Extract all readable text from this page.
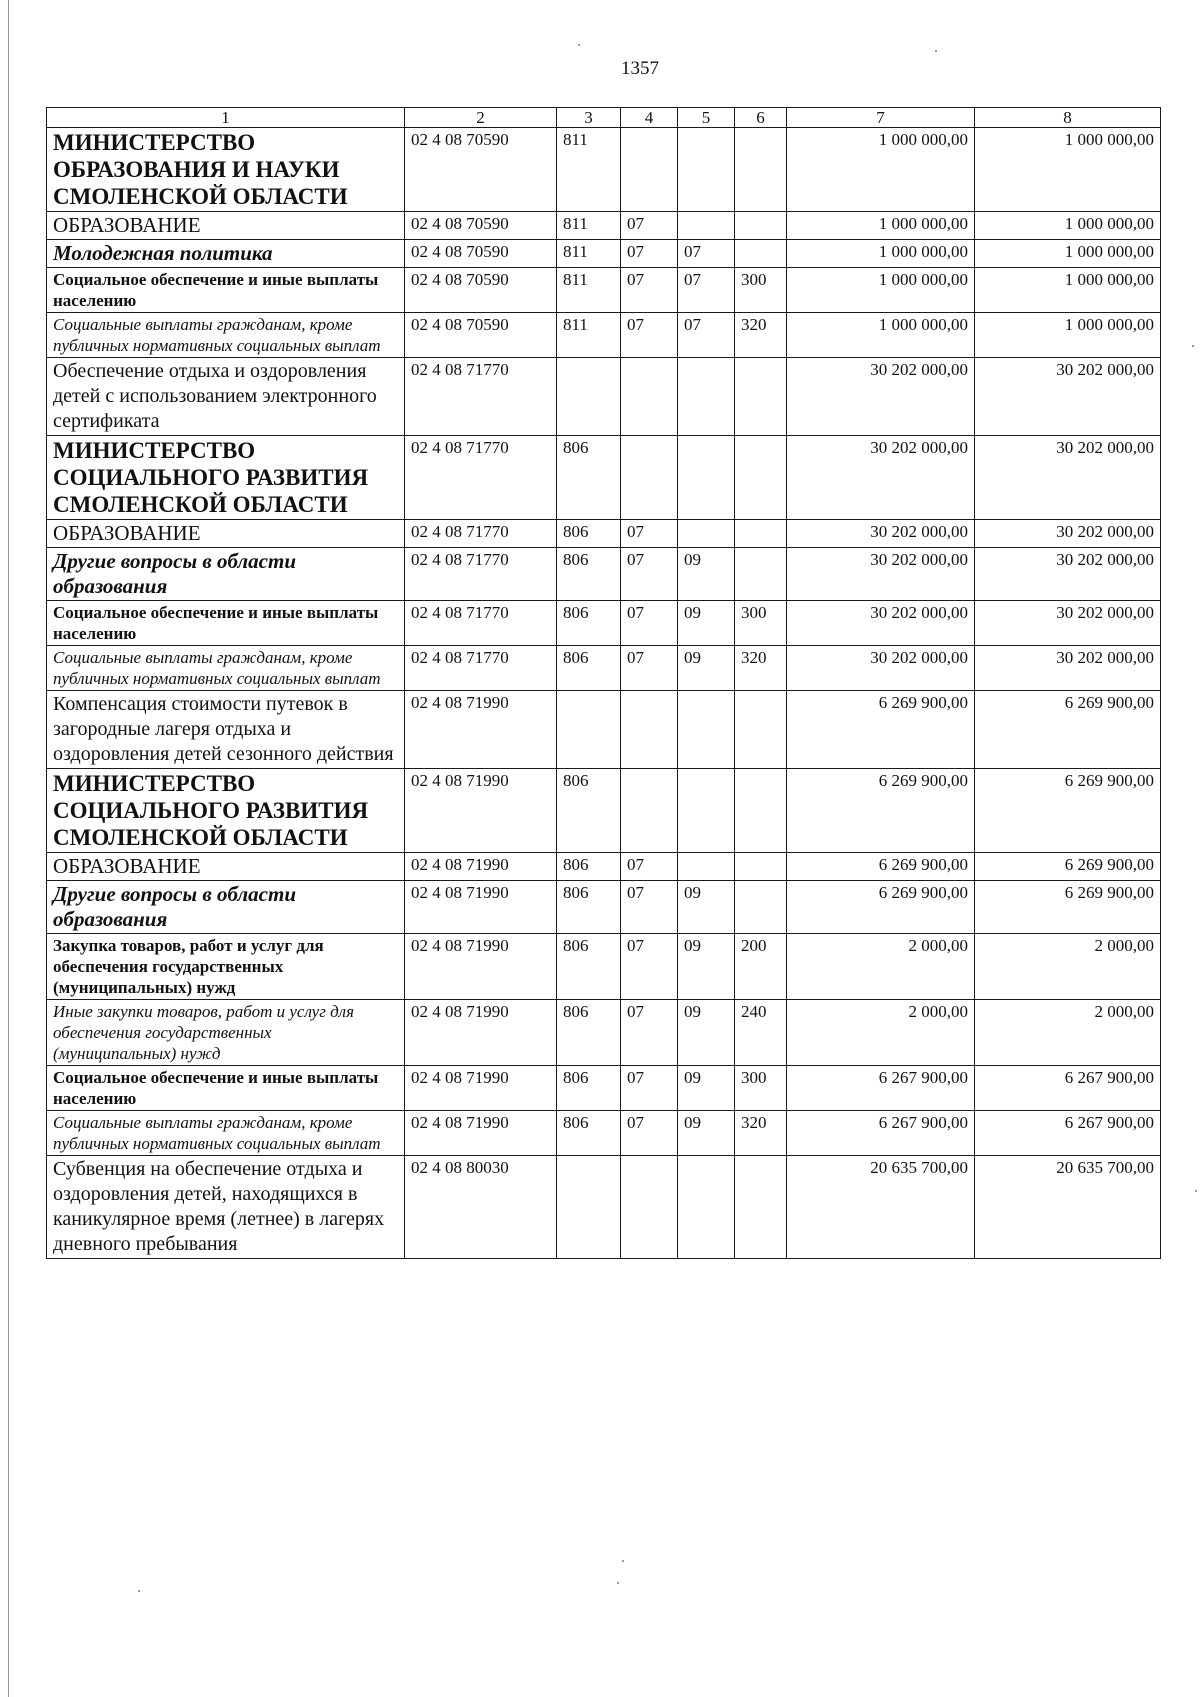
1357
1	2	3	4	5	6	7	8
МИНИСТЕРСТВО ОБРАЗОВАНИЯ И НАУКИ СМОЛЕНСКОЙ ОБЛАСТИ	02 4 08 70590	811				1 000 000,00	1 000 000,00
ОБРАЗОВАНИЕ	02 4 08 70590	811	07			1 000 000,00	1 000 000,00
Молодежная политика	02 4 08 70590	811	07	07		1 000 000,00	1 000 000,00
Социальное обеспечение и иные выплаты населению	02 4 08 70590	811	07	07	300	1 000 000,00	1 000 000,00
Социальные выплаты гражданам, кроме публичных нормативных социальных выплат	02 4 08 70590	811	07	07	320	1 000 000,00	1 000 000,00
Обеспечение отдыха и оздоровления детей с использованием электронного сертификата	02 4 08 71770					30 202 000,00	30 202 000,00
МИНИСТЕРСТВО СОЦИАЛЬНОГО РАЗВИТИЯ СМОЛЕНСКОЙ ОБЛАСТИ	02 4 08 71770	806				30 202 000,00	30 202 000,00
ОБРАЗОВАНИЕ	02 4 08 71770	806	07			30 202 000,00	30 202 000,00
Другие вопросы в области образования	02 4 08 71770	806	07	09		30 202 000,00	30 202 000,00
Социальное обеспечение и иные выплаты населению	02 4 08 71770	806	07	09	300	30 202 000,00	30 202 000,00
Социальные выплаты гражданам, кроме публичных нормативных социальных выплат	02 4 08 71770	806	07	09	320	30 202 000,00	30 202 000,00
Компенсация стоимости путевок в загородные лагеря отдыха и оздоровления детей сезонного действия	02 4 08 71990					6 269 900,00	6 269 900,00
МИНИСТЕРСТВО СОЦИАЛЬНОГО РАЗВИТИЯ СМОЛЕНСКОЙ ОБЛАСТИ	02 4 08 71990	806				6 269 900,00	6 269 900,00
ОБРАЗОВАНИЕ	02 4 08 71990	806	07			6 269 900,00	6 269 900,00
Другие вопросы в области образования	02 4 08 71990	806	07	09		6 269 900,00	6 269 900,00
Закупка товаров, работ и услуг для обеспечения государственных (муниципальных) нужд	02 4 08 71990	806	07	09	200	2 000,00	2 000,00
Иные закупки товаров, работ и услуг для обеспечения государственных (муниципальных) нужд	02 4 08 71990	806	07	09	240	2 000,00	2 000,00
Социальное обеспечение и иные выплаты населению	02 4 08 71990	806	07	09	300	6 267 900,00	6 267 900,00
Социальные выплаты гражданам, кроме публичных нормативных социальных выплат	02 4 08 71990	806	07	09	320	6 267 900,00	6 267 900,00
Субвенция на обеспечение отдыха и оздоровления детей, находящихся в каникулярное время (летнее) в лагерях дневного пребывания	02 4 08 80030					20 635 700,00	20 635 700,00
